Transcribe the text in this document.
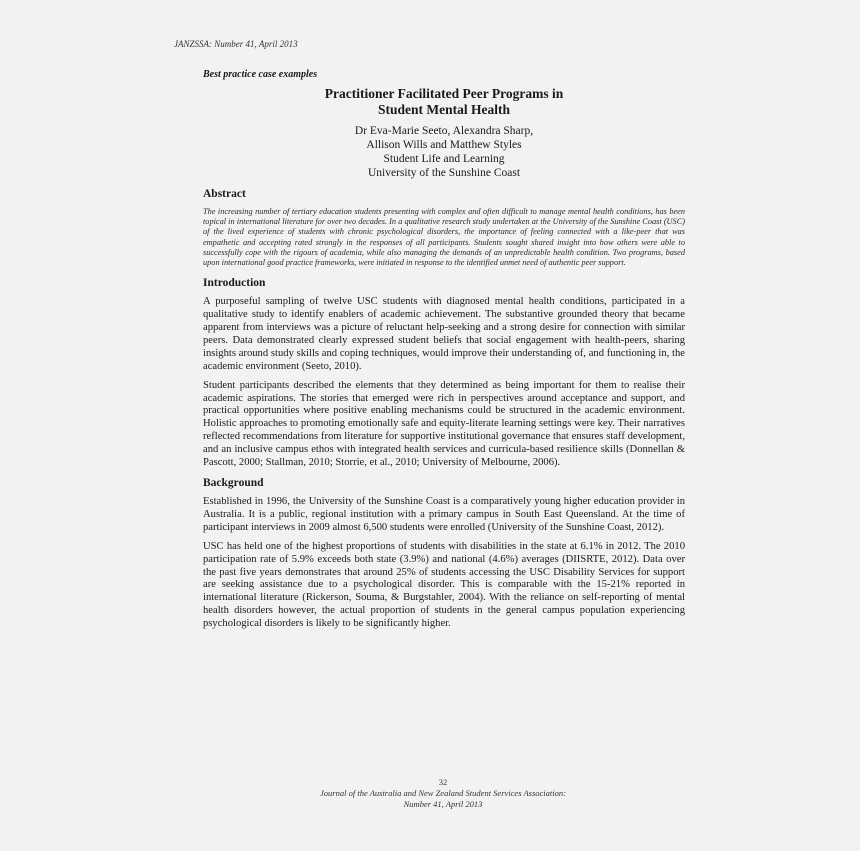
JANZSSA: Number 41, April 2013
Best practice case examples
Practitioner Facilitated Peer Programs in
Student Mental Health
Dr Eva-Marie Seeto, Alexandra Sharp,
Allison Wills and Matthew Styles
Student Life and Learning
University of the Sunshine Coast
Abstract

The increasing number of tertiary education students presenting with complex and often difficult to manage mental health conditions, has been topical in international literature for over two decades. In a qualitative research study undertaken at the University of the Sunshine Coast (USC) of the lived experience of students with chronic psychological disorders, the importance of feeling connected with a like-peer that was empathetic and accepting rated strongly in the responses of all participants. Students sought shared insight into how others were able to successfully cope with the rigours of academia, while also managing the demands of an unpredictable health condition. Two programs, based upon international good practice frameworks, were initiated in response to the identified unmet need of authentic peer support.

Introduction

A purposeful sampling of twelve USC students with diagnosed mental health conditions, participated in a qualitative study to identify enablers of academic achievement. The substantive grounded theory that became apparent from interviews was a picture of reluctant help-seeking and a strong desire for connection with similar peers. Data demonstrated clearly expressed student beliefs that social engagement with health-peers, sharing insights around study skills and coping techniques, would improve their understanding of, and functioning in, the academic environment (Seeto, 2010).

Student participants described the elements that they determined as being important for them to realise their academic aspirations. The stories that emerged were rich in perspectives around acceptance and support, and practical opportunities where positive enabling mechanisms could be structured in the academic environment. Holistic approaches to promoting emotionally safe and equity-literate learning settings were key. Their narratives reflected recommendations from literature for supportive institutional governance that ensures staff development, and an inclusive campus ethos with integrated health services and curricula-based resilience skills (Donnellan & Pascott, 2000; Stallman, 2010; Storrie, et al., 2010; University of Melbourne, 2006).

Background

Established in 1996, the University of the Sunshine Coast is a comparatively young higher education provider in Australia. It is a public, regional institution with a primary campus in South East Queensland. At the time of participant interviews in 2009 almost 6,500 students were enrolled (University of the Sunshine Coast, 2012).

USC has held one of the highest proportions of students with disabilities in the state at 6.1% in 2012. The 2010 participation rate of 5.9% exceeds both state (3.9%) and national (4.6%) averages (DIISRTE, 2012). Data over the past five years demonstrates that around 25% of students accessing the USC Disability Services for support are seeking assistance due to a psychological disorder. This is comparable with the 15-21% reported in international literature (Rickerson, Souma, & Burgstahler, 2004). With the reliance on self-reporting of mental health disorders however, the actual proportion of students in the general campus population experiencing psychological disorders is likely to be significantly higher.

32
Journal of the Australia and New Zealand Student Services Association:
Number 41, April 2013
